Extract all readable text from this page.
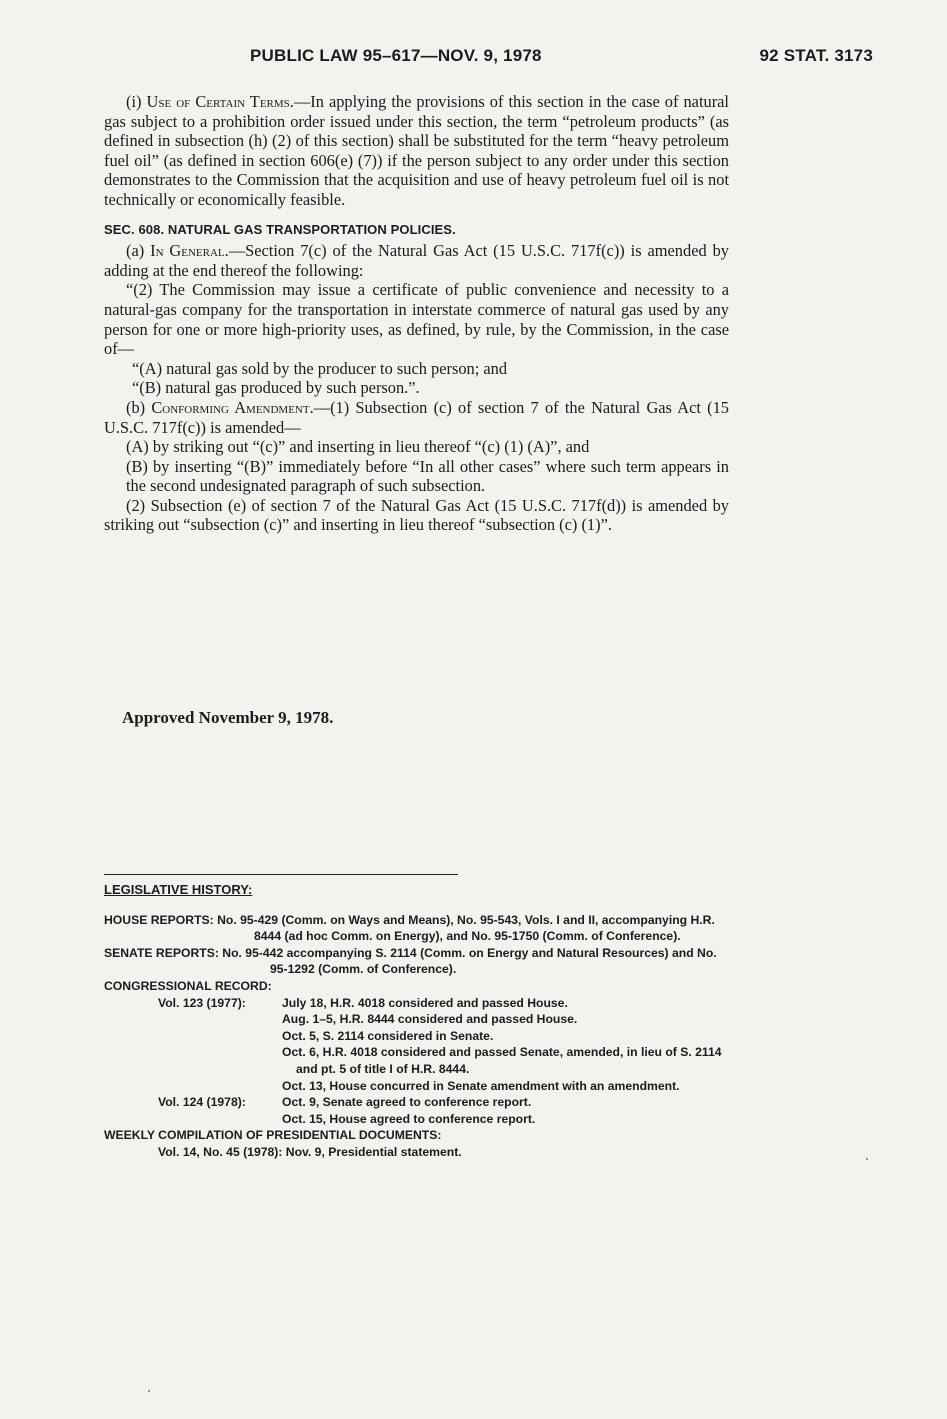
PUBLIC LAW 95–617—NOV. 9, 1978	92 STAT. 3173

(i) Use of Certain Terms.—In applying the provisions of this section in the case of natural gas subject to a prohibition order issued under this section, the term “petroleum products” (as defined in subsection (h) (2) of this section) shall be substituted for the term “heavy petroleum fuel oil” (as defined in section 606(e) (7)) if the person subject to any order under this section demonstrates to the Commission that the acquisition and use of heavy petroleum fuel oil is not technically or economically feasible.

SEC. 608. NATURAL GAS TRANSPORTATION POLICIES.

(a) In General.—Section 7(c) of the Natural Gas Act (15 U.S.C. 717f(c)) is amended by adding at the end thereof the following:

“(2) The Commission may issue a certificate of public convenience and necessity to a natural-gas company for the transportation in interstate commerce of natural gas used by any person for one or more high-priority uses, as defined, by rule, by the Commission, in the case of—

“(A) natural gas sold by the producer to such person; and

“(B) natural gas produced by such person.”.

(b) Conforming Amendment.—(1) Subsection (c) of section 7 of the Natural Gas Act (15 U.S.C. 717f(c)) is amended—

(A) by striking out “(c)” and inserting in lieu thereof “(c) (1) (A)”, and

(B) by inserting “(B)” immediately before “In all other cases” where such term appears in the second undesignated paragraph of such subsection.

(2) Subsection (e) of section 7 of the Natural Gas Act (15 U.S.C. 717f(d)) is amended by striking out “subsection (c)” and inserting in lieu thereof “subsection (c) (1)”.

Approved November 9, 1978.
LEGISLATIVE HISTORY:
HOUSE REPORTS: No. 95-429 (Comm. on Ways and Means), No. 95-543, Vols. I and II, accompanying H.R. 8444 (ad hoc Comm. on Energy), and No. 95-1750 (Comm. of Conference).
SENATE REPORTS: No. 95-442 accompanying S. 2114 (Comm. on Energy and Natural Resources) and No. 95-1292 (Comm. of Conference).
CONGRESSIONAL RECORD:
Vol. 123 (1977):	July 18, H.R. 4018 considered and passed House.
Aug. 1–5, H.R. 8444 considered and passed House.
Oct. 5, S. 2114 considered in Senate.
Oct. 6, H.R. 4018 considered and passed Senate, amended, in lieu of S. 2114 and pt. 5 of title I of H.R. 8444.
Oct. 13, House concurred in Senate amendment with an amendment.
Vol. 124 (1978):	Oct. 9, Senate agreed to conference report.
Oct. 15, House agreed to conference report.
WEEKLY COMPILATION OF PRESIDENTIAL DOCUMENTS:
Vol. 14, No. 45 (1978): Nov. 9, Presidential statement.
